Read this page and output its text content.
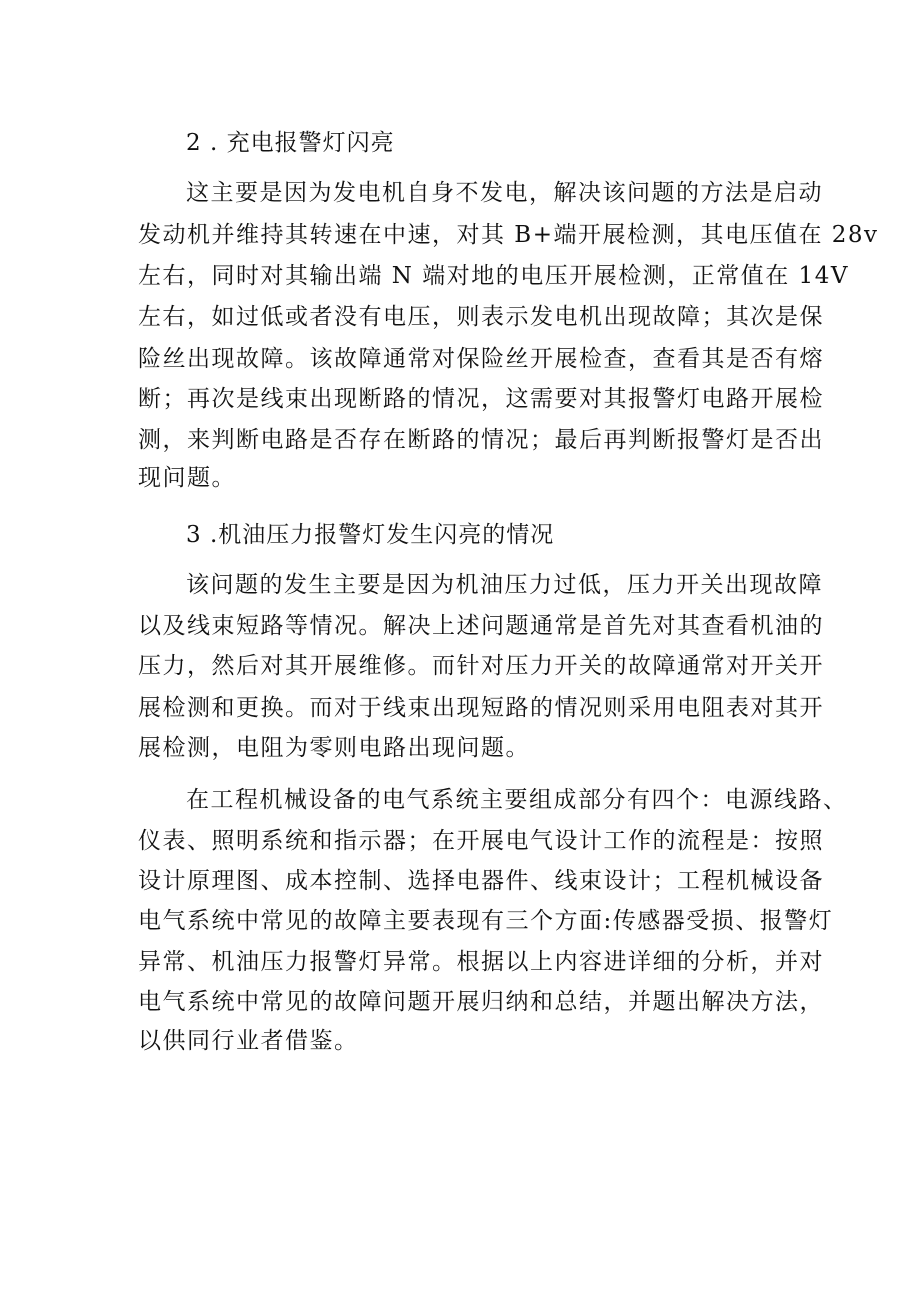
2 . 充电报警灯闪亮
这主要是因为发电机自身不发电，解决该问题的方法是启动
发动机并维持其转速在中速，对其 B+端开展检测，其电压值在 28v
左右，同时对其输出端 N 端对地的电压开展检测，正常值在 14V
左右，如过低或者没有电压，则表示发电机出现故障；其次是保
险丝出现故障。该故障通常对保险丝开展检查，查看其是否有熔
断；再次是线束出现断路的情况，这需要对其报警灯电路开展检
测，来判断电路是否存在断路的情况；最后再判断报警灯是否出
现问题。
3 .机油压力报警灯发生闪亮的情况
该问题的发生主要是因为机油压力过低，压力开关出现故障
以及线束短路等情况。解决上述问题通常是首先对其查看机油的
压力，然后对其开展维修。而针对压力开关的故障通常对开关开
展检测和更换。而对于线束出现短路的情况则采用电阻表对其开
展检测，电阻为零则电路出现问题。
在工程机械设备的电气系统主要组成部分有四个：电源线路、
仪表、照明系统和指示器；在开展电气设计工作的流程是：按照
设计原理图、成本控制、选择电器件、线束设计；工程机械设备
电气系统中常见的故障主要表现有三个方面:传感器受损、报警灯
异常、机油压力报警灯异常。根据以上内容进详细的分析，并对
电气系统中常见的故障问题开展归纳和总结，并题出解决方法，
以供同行业者借鉴。
